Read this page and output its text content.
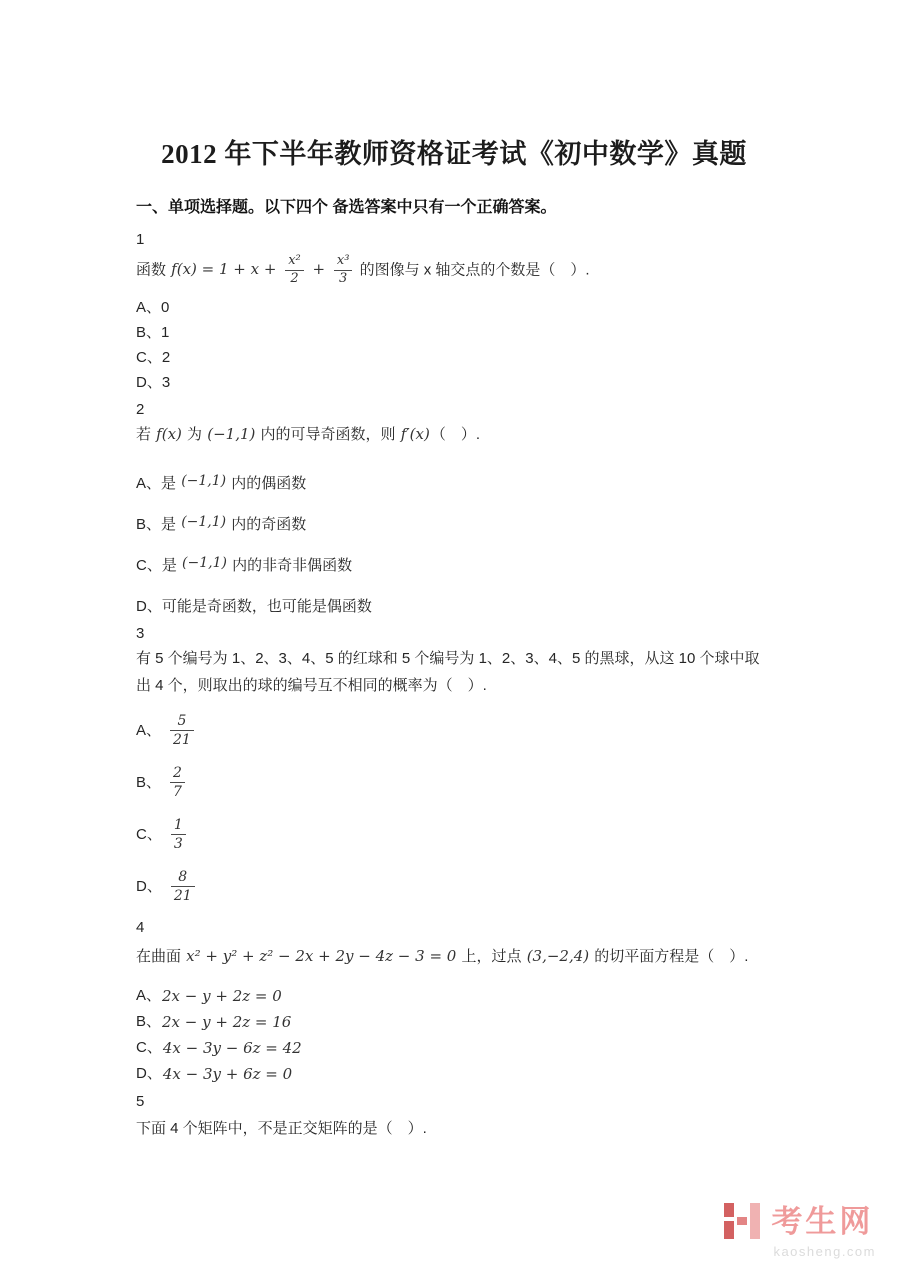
2012 年下半年教师资格证考试《初中数学》真题
一、单项选择题。以下四个 备选答案中只有一个正确答案。
1
函数 $f(x) = 1 + x + \frac{\text{x²}}{2} + \frac{\text{x³}}{3}$ 的图像与 x 轴交点的个数是（　）.
A、 0
B、 1
C、 2
D、 3
2
若 f(x) 为 (−1,1) 内的可导奇函数，则 f′(x)（　）.
A、 是 (−1,1) 内的偶函数
B、 是 (−1,1) 内的奇函数
C、 是 (−1,1) 内的非奇非偶函数
D、 可能是奇函数，也可能是偶函数
3
有 5 个编号为 1、2、3、4、5 的红球和 5 个编号为 1、2、3、4、5 的黑球，从这 10 个球中取出 4 个，则取出的球的编号互不相同的概率为（　）.
A、 $\frac{5}{21}$
B、 $\frac{2}{7}$
C、 $\frac{1}{3}$
D、 $\frac{8}{21}$
4
在曲面 x² + y² + z² − 2x + 2y − 4z − 3 = 0 上，过点 (3,−2,4) 的切平面方程是（　）.
A、 2x − y + 2z = 0
B、 2x − y + 2z = 16
C、 4x − 3y − 6z = 42
D、 4x − 3y + 6z = 0
5
下面 4 个矩阵中，不是正交矩阵的是（　）.
考生网
kaosheng.com
